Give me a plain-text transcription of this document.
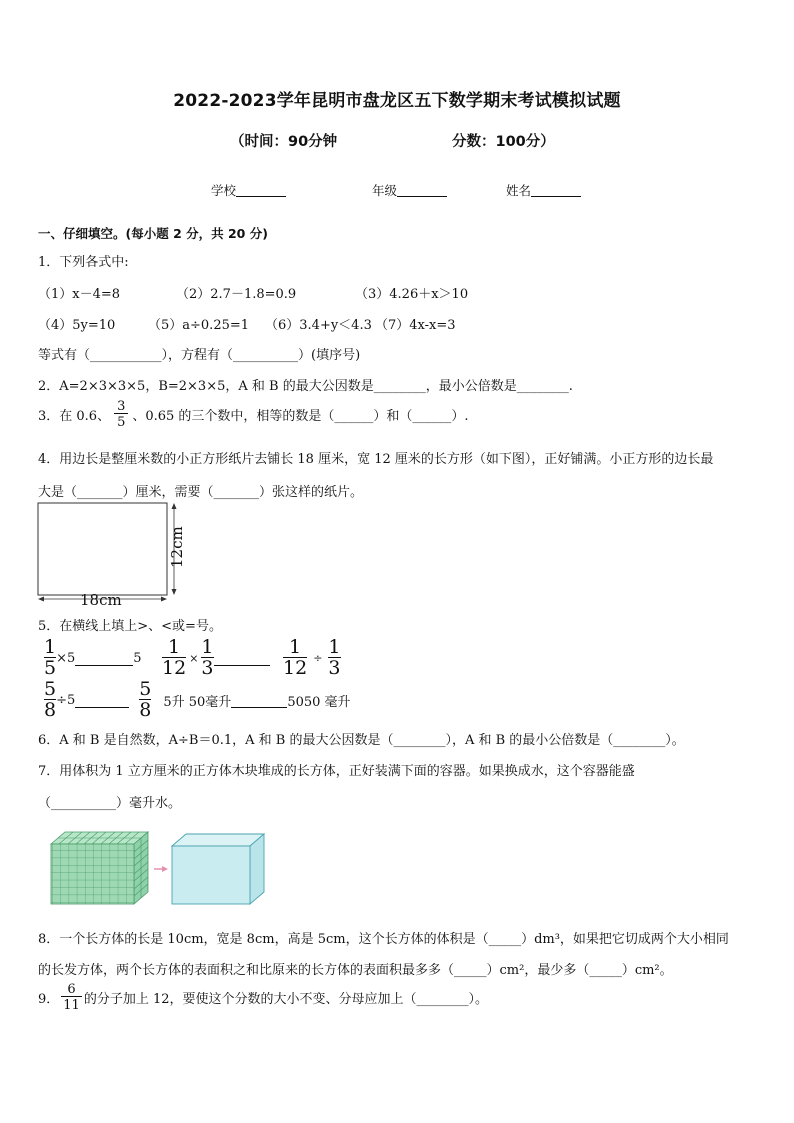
2022-2023学年昆明市盘龙区五下数学期末考试模拟试题
（时间：90分钟	分数：100分）
学校	年级	姓名
一、仔细填空。(每小题 2 分，共 20 分)
1．下列各式中:
（1）x－4=8	（2）2.7－1.8=0.9	（3）4.26＋x＞10
（4）5y=10	（5）a÷0.25=1 （6）3.4+y＜4.3 （7）4x-x=3
等式有（___________），方程有（__________）(填序号)
2．A=2×3×3×5，B=2×3×5，A 和 B 的最大公因数是________，最小公倍数是________.
3．在 0.6、 $\frac{3}{5}$ 、0.65 的三个数中，相等的数是（______）和（______）.
4．用边长是整厘米数的小正方形纸片去铺长 18 厘米，宽 12 厘米的长方形（如下图），正好铺满。小正方形的边长最
大是（_______）厘米，需要（_______）张这样的纸片。
18cm
12cm
5．在横线上填上>、<或=号。
$\frac{1}{5} \times 5$	$5 \frac{1}{12} \times \frac{1}{3}$	$\frac{1}{12} \div \frac{1}{3}$
$\frac{5}{8} \div 5$	$\frac{5}{8} 5$升 50毫升	5050 毫升
6．A 和 B 是自然数，A÷B＝0.1，A 和 B 的最大公因数是（________），A 和 B 的最小公倍数是（________）。
7．用体积为 1 立方厘米的正方体木块堆成的长方体，正好装满下面的容器。如果换成水，这个容器能盛
（__________）毫升水。
8．一个长方体的长是 10cm，宽是 8cm，高是 5cm，这个长方体的体积是（_____）dm³，如果把它切成两个大小相同
的长发方体，两个长方体的表面积之和比原来的长方体的表面积最多多（_____）cm²，最少多（_____）cm²。
9． $\frac{6}{11}$ 的分子加上 12，要使这个分数的大小不变、分母应加上（________）。
